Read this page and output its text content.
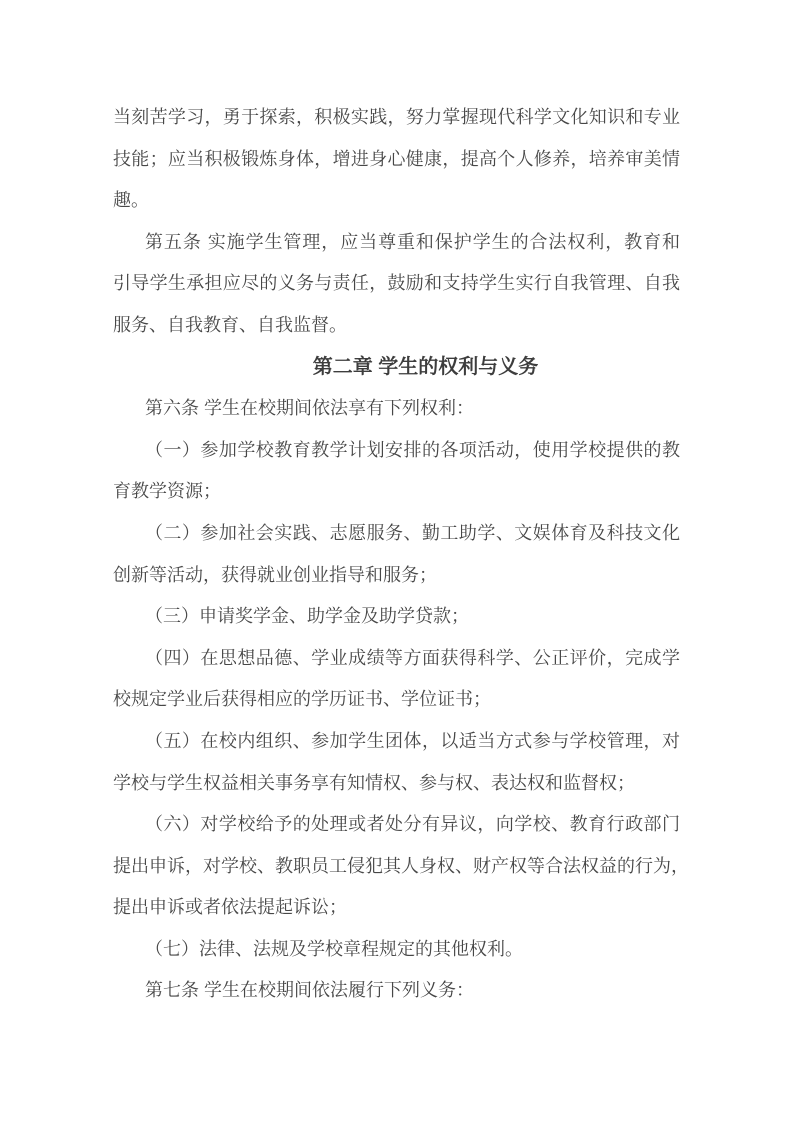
当刻苦学习，勇于探索，积极实践，努力掌握现代科学文化知识和专业
技能；应当积极锻炼身体，增进身心健康，提高个人修养，培养审美情
趣。

第五条 实施学生管理，应当尊重和保护学生的合法权利，教育和
引导学生承担应尽的义务与责任，鼓励和支持学生实行自我管理、自我
服务、自我教育、自我监督。

第二章 学生的权利与义务

第六条 学生在校期间依法享有下列权利：

（一）参加学校教育教学计划安排的各项活动，使用学校提供的教
育教学资源；

（二）参加社会实践、志愿服务、勤工助学、文娱体育及科技文化
创新等活动，获得就业创业指导和服务；

（三）申请奖学金、助学金及助学贷款；

（四）在思想品德、学业成绩等方面获得科学、公正评价，完成学
校规定学业后获得相应的学历证书、学位证书；

（五）在校内组织、参加学生团体，以适当方式参与学校管理，对
学校与学生权益相关事务享有知情权、参与权、表达权和监督权；

（六）对学校给予的处理或者处分有异议，向学校、教育行政部门
提出申诉，对学校、教职员工侵犯其人身权、财产权等合法权益的行为，
提出申诉或者依法提起诉讼；

（七）法律、法规及学校章程规定的其他权利。

第七条 学生在校期间依法履行下列义务：
